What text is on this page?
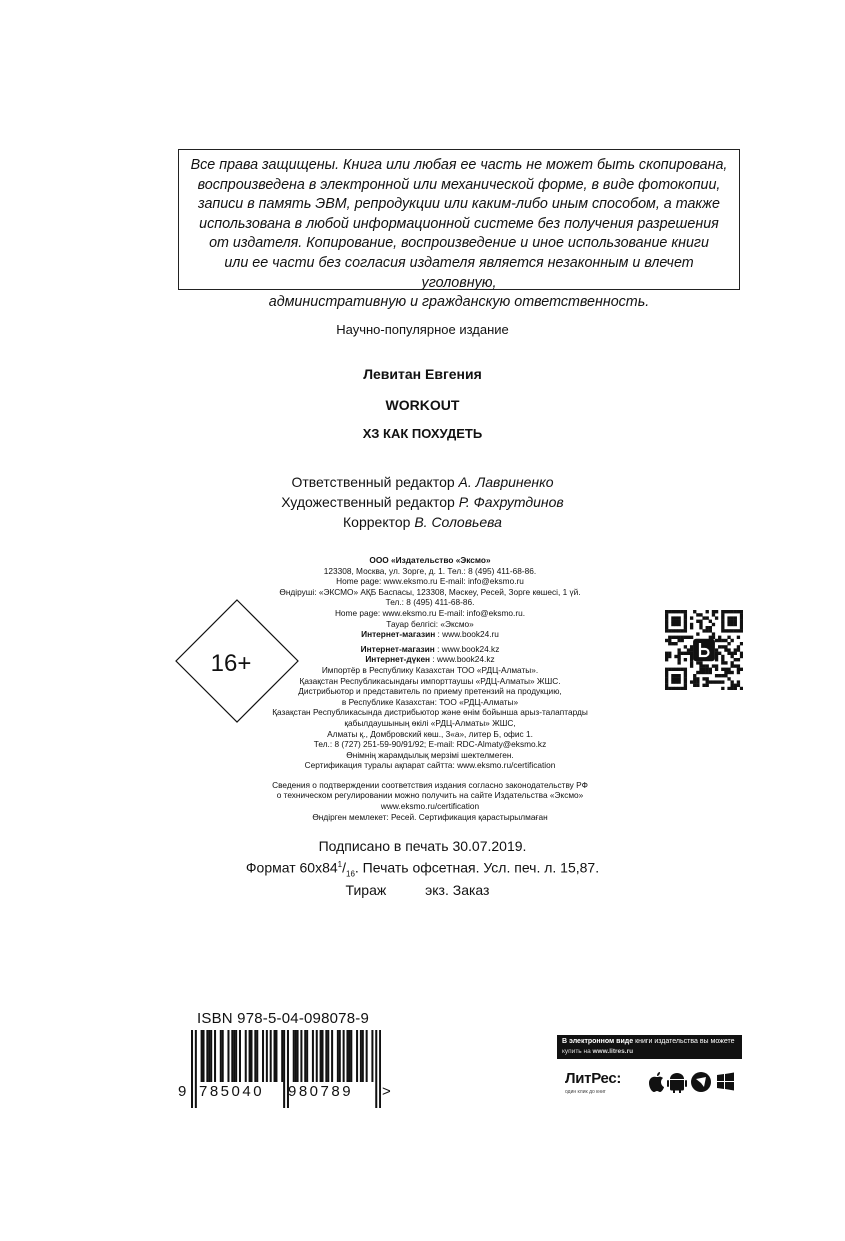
Все права защищены. Книга или любая ее часть не может быть скопирована,

воспроизведена в электронной или механической форме, в виде фотокопии,

записи в память ЭВМ, репродукции или каким-либо иным способом, а также

использована в любой информационной системе без получения разрешения

от издателя. Копирование, воспроизведение и иное использование книги

или ее части без согласия издателя является незаконным и влечет уголовную,

административную и гражданскую ответственность.

Научно-популярное издание
Левитан Евгения
WORKOUT
ХЗ КАК ПОХУДЕТЬ
Ответственный редактор А. Лавриненко
Художественный редактор Р. Фахрутдинов
Корректор В. Соловьева
ООО «Издательство «Эксмо»
123308, Москва, ул. Зорге, д. 1. Тел.: 8 (495) 411-68-86.
Home page: www.eksmo.ru E-mail: info@eksmo.ru
Өндіруші: «ЭКСМО» АҚБ Баспасы, 123308, Мәскеу, Ресей, Зорге көшесі, 1 үй.
Тел.: 8 (495) 411-68-86.
Home page: www.eksmo.ru E-mail: info@eksmo.ru.
Тауар белгісі: «Эксмо»
Интернет-магазин : www.book24.ru
Интернет-магазин : www.book24.kz
Интернет-дүкен : www.book24.kz
Импортёр в Республику Казахстан ТОО «РДЦ-Алматы».
Қазақстан Республикасындағы импорттаушы «РДЦ-Алматы» ЖШС.
Дистрибьютор и представитель по приему претензий на продукцию,
в Республике Казахстан: ТОО «РДЦ-Алматы»
Қазақстан Республикасында дистрибьютор және өнім бойынша арыз-талаптарды
қабылдаушының өкілі «РДЦ-Алматы» ЖШС,
Алматы қ., Домбровский көш., 3«а», литер Б, офис 1.
Тел.: 8 (727) 251-59-90/91/92; E-mail: RDC-Almaty@eksmo.kz
Өнімнің жарамдылық мерзімі шектелмеген.
Сертификация туралы ақпарат сайтта: www.eksmo.ru/certification
Сведения о подтверждении соответствия издания согласно законодательству РФ
о техническом регулировании можно получить на сайте Издательства «Эксмо»
www.eksmo.ru/certification
Өндірген мемлекет: Ресей. Сертификация қарастырылмаған
Подписано в печать 30.07.2019.
Формат $60x84^1/_{16}$. Печать офсетная. Усл. печ. л. 15,87.
Тираж          экз. Заказ
16+
ISBN 978-5-04-098078-9
9 785040 980789 >
В электронном виде книги издательства вы можете
купить на www.litres.ru
ЛитРес:
один клик до книг
